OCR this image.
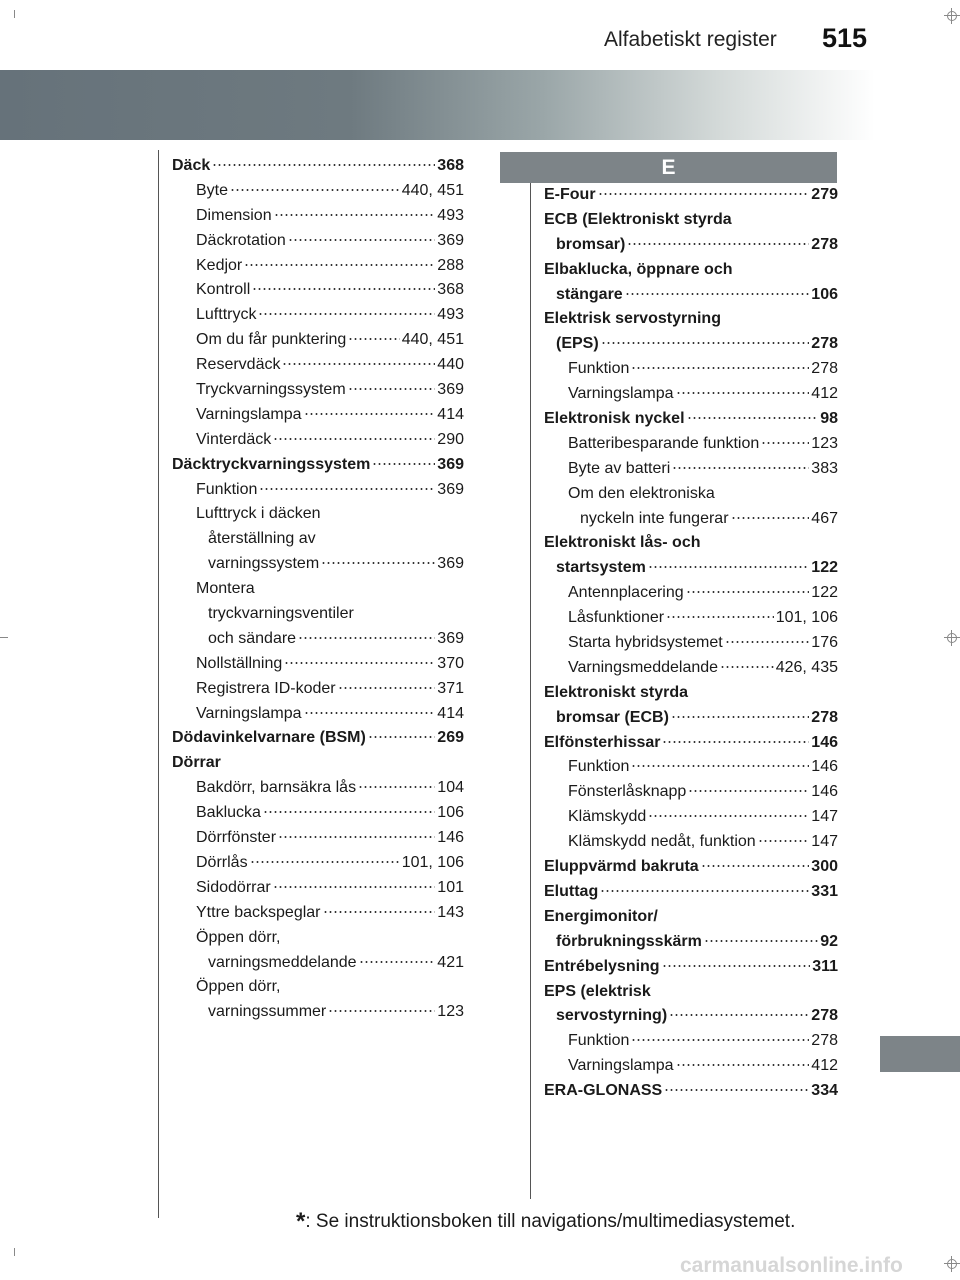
Alfabetiskt register 515
Däck	368
Byte	440, 451
Dimension	493
Däckrotation	369
Kedjor	288
Kontroll	368
Lufttryck	493
Om du får punktering	440, 451
Reservdäck	440
Tryckvarningssystem	369
Varningslampa	414
Vinterdäck	290
Däcktryckvarningssystem	369
Funktion	369
Lufttryck i däcken
återställning av
varningssystem	369
Montera
tryckvarningsventiler
och sändare	369
Nollställning	370
Registrera ID-koder	371
Varningslampa	414
Dödavinkelvarnare (BSM)	269
Dörrar
Bakdörr, barnsäkra lås	104
Baklucka	106
Dörrfönster	146
Dörrlås	101, 106
Sidodörrar	101
Yttre backspeglar	143
Öppen dörr,
varningsmeddelande	421
Öppen dörr,
varningssummer	123
E
E-Four	279
ECB (Elektroniskt styrda
bromsar)	278
Elbaklucka, öppnare och
stängare	106
Elektrisk servostyrning
(EPS)	278
Funktion	278
Varningslampa	412
Elektronisk nyckel	98
Batteribesparande funktion	123
Byte av batteri	383
Om den elektroniska
nyckeln inte fungerar	467
Elektroniskt lås- och
startsystem	122
Antennplacering	122
Låsfunktioner	101, 106
Starta hybridsystemet	176
Varningsmeddelande	426, 435
Elektroniskt styrda
bromsar (ECB)	278
Elfönsterhissar	146
Funktion	146
Fönsterlåsknapp	146
Klämskydd	147
Klämskydd nedåt, funktion	147
Eluppvärmd bakruta	300
Eluttag	331
Energimonitor/
förbrukningsskärm	92
Entrébelysning	311
EPS (elektrisk
servostyrning)	278
Funktion	278
Varningslampa	412
ERA-GLONASS	334
*: Se instruktionsboken till navigations/multimediasystemet.
carmanualsonline.info
